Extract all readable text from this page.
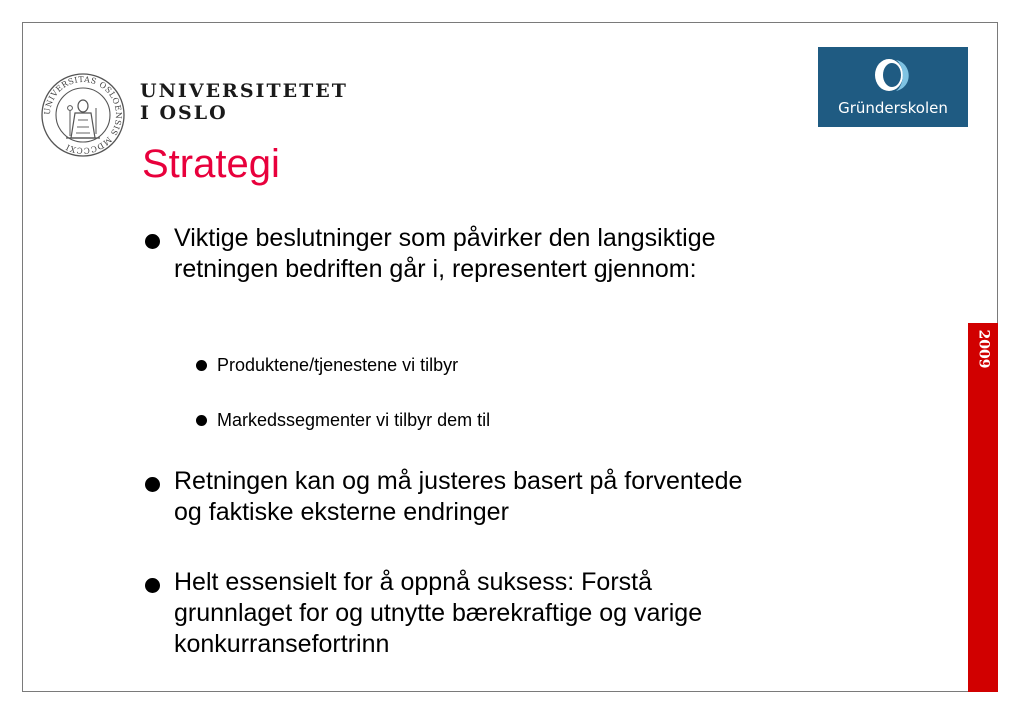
UNIVERSITAS OSLOENSIS MDCCCXI
UNIVERSITETET
I OSLO	Gründerskolen
Strategi
2009
Viktige beslutninger som påvirker den langsiktige retningen bedriften går i, representert gjennom:
Produktene/tjenestene vi tilbyr
Markedssegmenter vi tilbyr dem til
Retningen kan og må justeres basert på forventede og faktiske eksterne endringer
Helt essensielt for å oppnå suksess: Forstå grunnlaget for og utnytte bærekraftige og varige konkurransefortrinn
